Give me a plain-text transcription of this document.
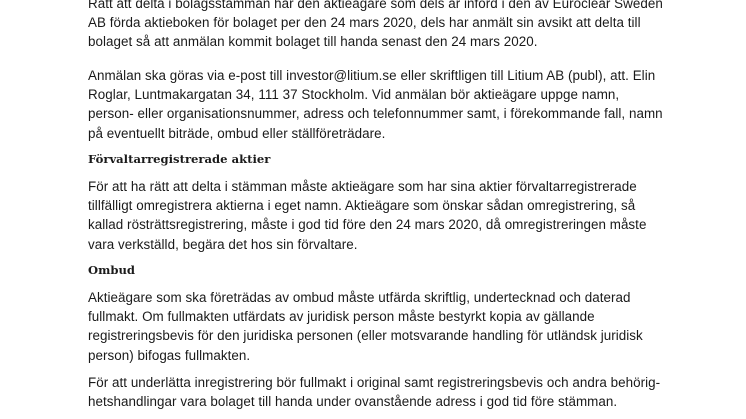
Rätt att delta i bolagsstämman har den aktieägare som dels är införd i den av Euroclear Sweden
AB förda aktieboken för bolaget per den 24 mars 2020, dels har anmält sin avsikt att delta till
bolaget så att anmälan kommit bolaget till handa senast den 24 mars 2020.

Anmälan ska göras via e-post till investor@litium.se eller skriftligen till Litium AB (publ), att. Elin
Roglar, Luntmakargatan 34, 111 37 Stockholm. Vid anmälan bör aktieägare uppge namn,
person- eller organisationsnummer, adress och telefonnummer samt, i förekommande fall, namn
på eventuellt biträde, ombud eller ställföreträdare.

Förvaltarregistrerade aktier

För att ha rätt att delta i stämman måste aktieägare som har sina aktier förvaltarregistrerade
tillfälligt omregistrera aktierna i eget namn. Aktieägare som önskar sådan omregistrering, så
kallad rösträttsregistrering, måste i god tid före den 24 mars 2020, då omregistreringen måste
vara verkställd, begära det hos sin förvaltare.

Ombud

Aktieägare som ska företrädas av ombud måste utfärda skriftlig, undertecknad och daterad
fullmakt. Om fullmakten utfärdats av juridisk person måste bestyrkt kopia av gällande
registreringsbevis för den juridiska personen (eller motsvarande handling för utländsk juridisk
person) bifogas fullmakten.

För att underlätta inregistrering bör fullmakt i original samt registreringsbevis och andra behörig-
hetshandlingar vara bolaget till handa under ovanstående adress i god tid före stämman.
